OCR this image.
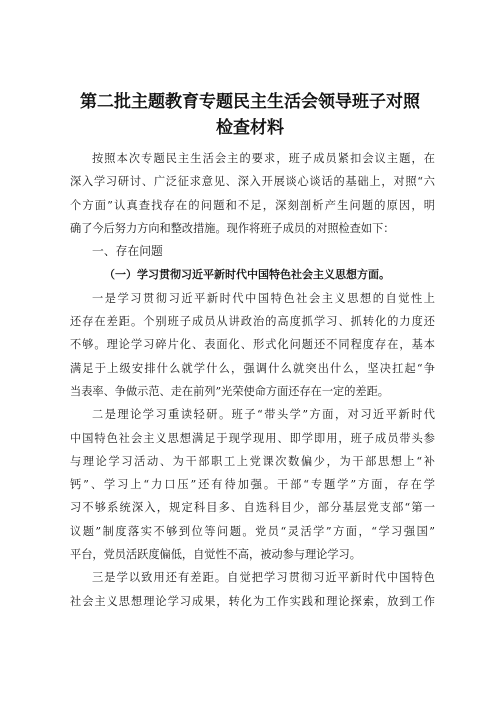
第二批主题教育专题民主生活会领导班子对照
检查材料

按照本次专题民主生活会主的要求，班子成员紧扣会议主题，在

深入学习研讨、广泛征求意见、深入开展谈心谈话的基础上，对照“六

个方面”认真查找存在的问题和不足，深刻剖析产生问题的原因，明

确了今后努力方向和整改措施。现作将班子成员的对照检查如下：

一、存在问题

（一）学习贯彻习近平新时代中国特色社会主义思想方面。

一是学习贯彻习近平新时代中国特色社会主义思想的自觉性上

还存在差距。个别班子成员从讲政治的高度抓学习、抓转化的力度还

不够。理论学习碎片化、表面化、形式化问题还不同程度存在，基本

满足于上级安排什么就学什么，强调什么就突出什么，坚决扛起“争

当表率、争做示范、走在前列”光荣使命方面还存在一定的差距。

二是理论学习重读轻研。班子“带头学”方面，对习近平新时代

中国特色社会主义思想满足于现学现用、即学即用，班子成员带头参

与理论学习活动、为干部职工上党课次数偏少，为干部思想上“补

钙”、学习上“力口压”还有待加强。干部“专题学”方面，存在学

习不够系统深入，规定科目多、自选科目少，部分基层党支部“第一

议题”制度落实不够到位等问题。党员“灵活学”方面，“学习强国”

平台，党员活跃度偏低，自觉性不高，被动参与理论学习。

三是学以致用还有差距。自觉把学习贯彻习近平新时代中国特色

社会主义思想理论学习成果，转化为工作实践和理论探索，放到工作
